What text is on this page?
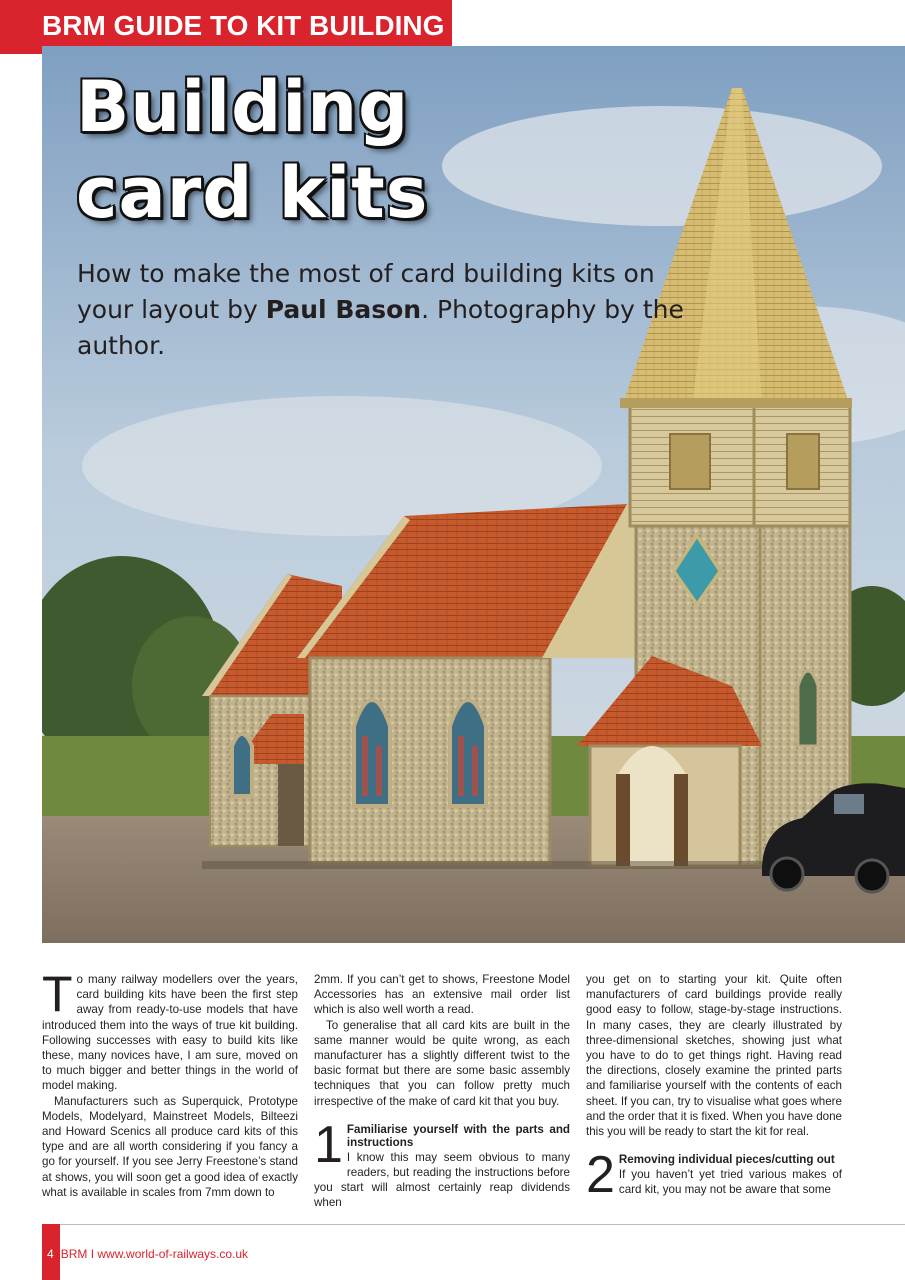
BRM GUIDE TO KIT BUILDING
Building
card kits
How to make the most of card building kits on your layout by Paul Bason. Photography by the author.

To many railway modellers over the years, card building kits have been the first step away from ready-to-use models that have introduced them into the ways of true kit building. Following successes with easy to build kits like these, many novices have, I am sure, moved on to much bigger and better things in the world of model making.

Manufacturers such as Superquick, Prototype Models, Modelyard, Mainstreet Models, Bilteezi and Howard Scenics all produce card kits of this type and are all worth considering if you fancy a go for yourself. If you see Jerry Freestone’s stand at shows, you will soon get a good idea of exactly what is available in scales from 7mm down to

2mm. If you can’t get to shows, Freestone Model Accessories has an extensive mail order list which is also well worth a read.

To generalise that all card kits are built in the same manner would be quite wrong, as each manufacturer has a slightly different twist to the basic format but there are some basic assembly techniques that you can follow pretty much irrespective of the make of card kit that you buy.

1 Familiarise yourself with the parts and instructions

I know this may seem obvious to many readers, but reading the instructions before you start will almost certainly reap dividends when

you get on to starting your kit. Quite often manufacturers of card buildings provide really good easy to follow, stage-by-stage instructions. In many cases, they are clearly illustrated by three-dimensional sketches, showing just what you have to do to get things right. Having read the directions, closely examine the printed parts and familiarise yourself with the contents of each sheet. If you can, try to visualise what goes where and the order that it is fixed. When you have done this you will be ready to start the kit for real.

2 Removing individual pieces/cutting out

If you haven’t yet tried various makes of card kit, you may not be aware that some

4 BRM I www.world-of-railways.co.uk
